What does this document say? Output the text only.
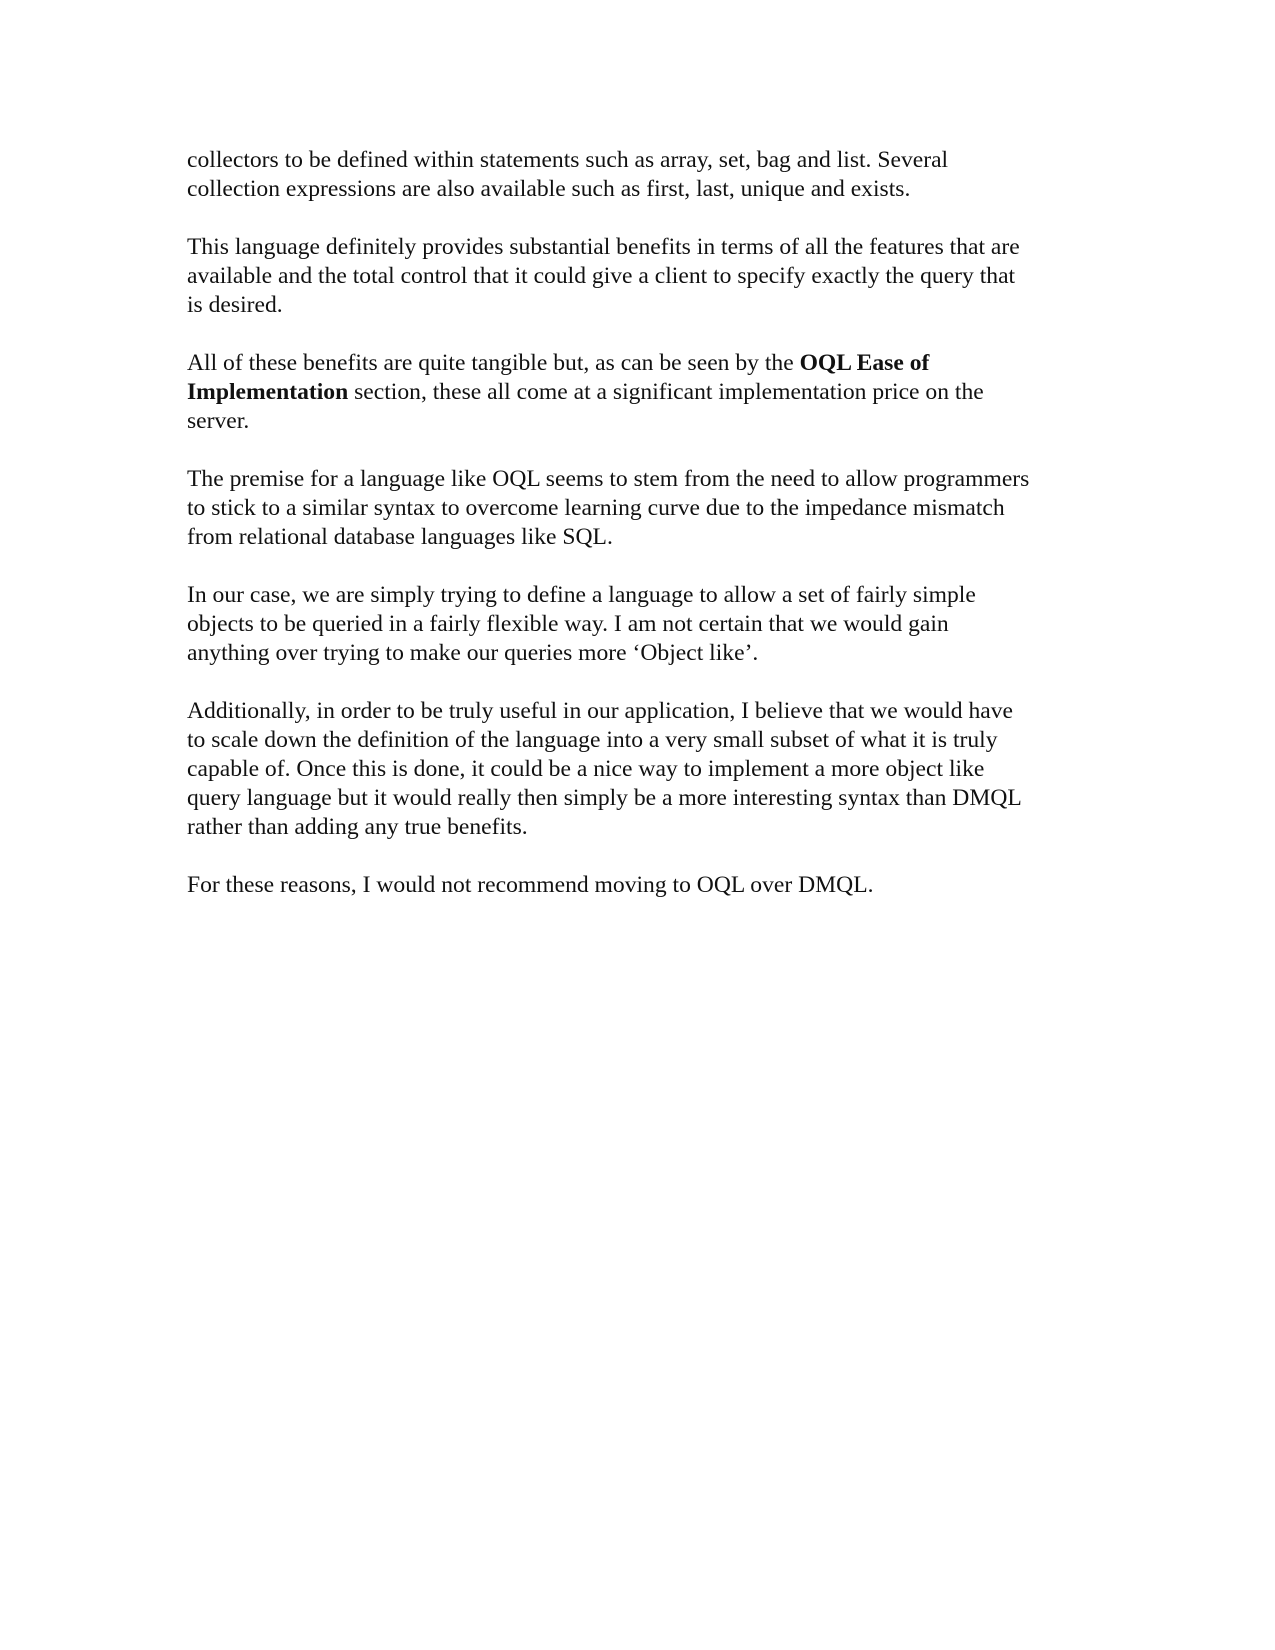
collectors to be defined within statements such as array, set, bag and list. Several
collection expressions are also available such as first, last, unique and exists.

This language definitely provides substantial benefits in terms of all the features that are
available and the total control that it could give a client to specify exactly the query that
is desired.

All of these benefits are quite tangible but, as can be seen by the OQL Ease of
Implementation section, these all come at a significant implementation price on the
server.

The premise for a language like OQL seems to stem from the need to allow programmers
to stick to a similar syntax to overcome learning curve due to the impedance mismatch
from relational database languages like SQL.

In our case, we are simply trying to define a language to allow a set of fairly simple
objects to be queried in a fairly flexible way. I am not certain that we would gain
anything over trying to make our queries more ‘Object like’.

Additionally, in order to be truly useful in our application, I believe that we would have
to scale down the definition of the language into a very small subset of what it is truly
capable of. Once this is done, it could be a nice way to implement a more object like
query language but it would really then simply be a more interesting syntax than DMQL
rather than adding any true benefits.

For these reasons, I would not recommend moving to OQL over DMQL.
